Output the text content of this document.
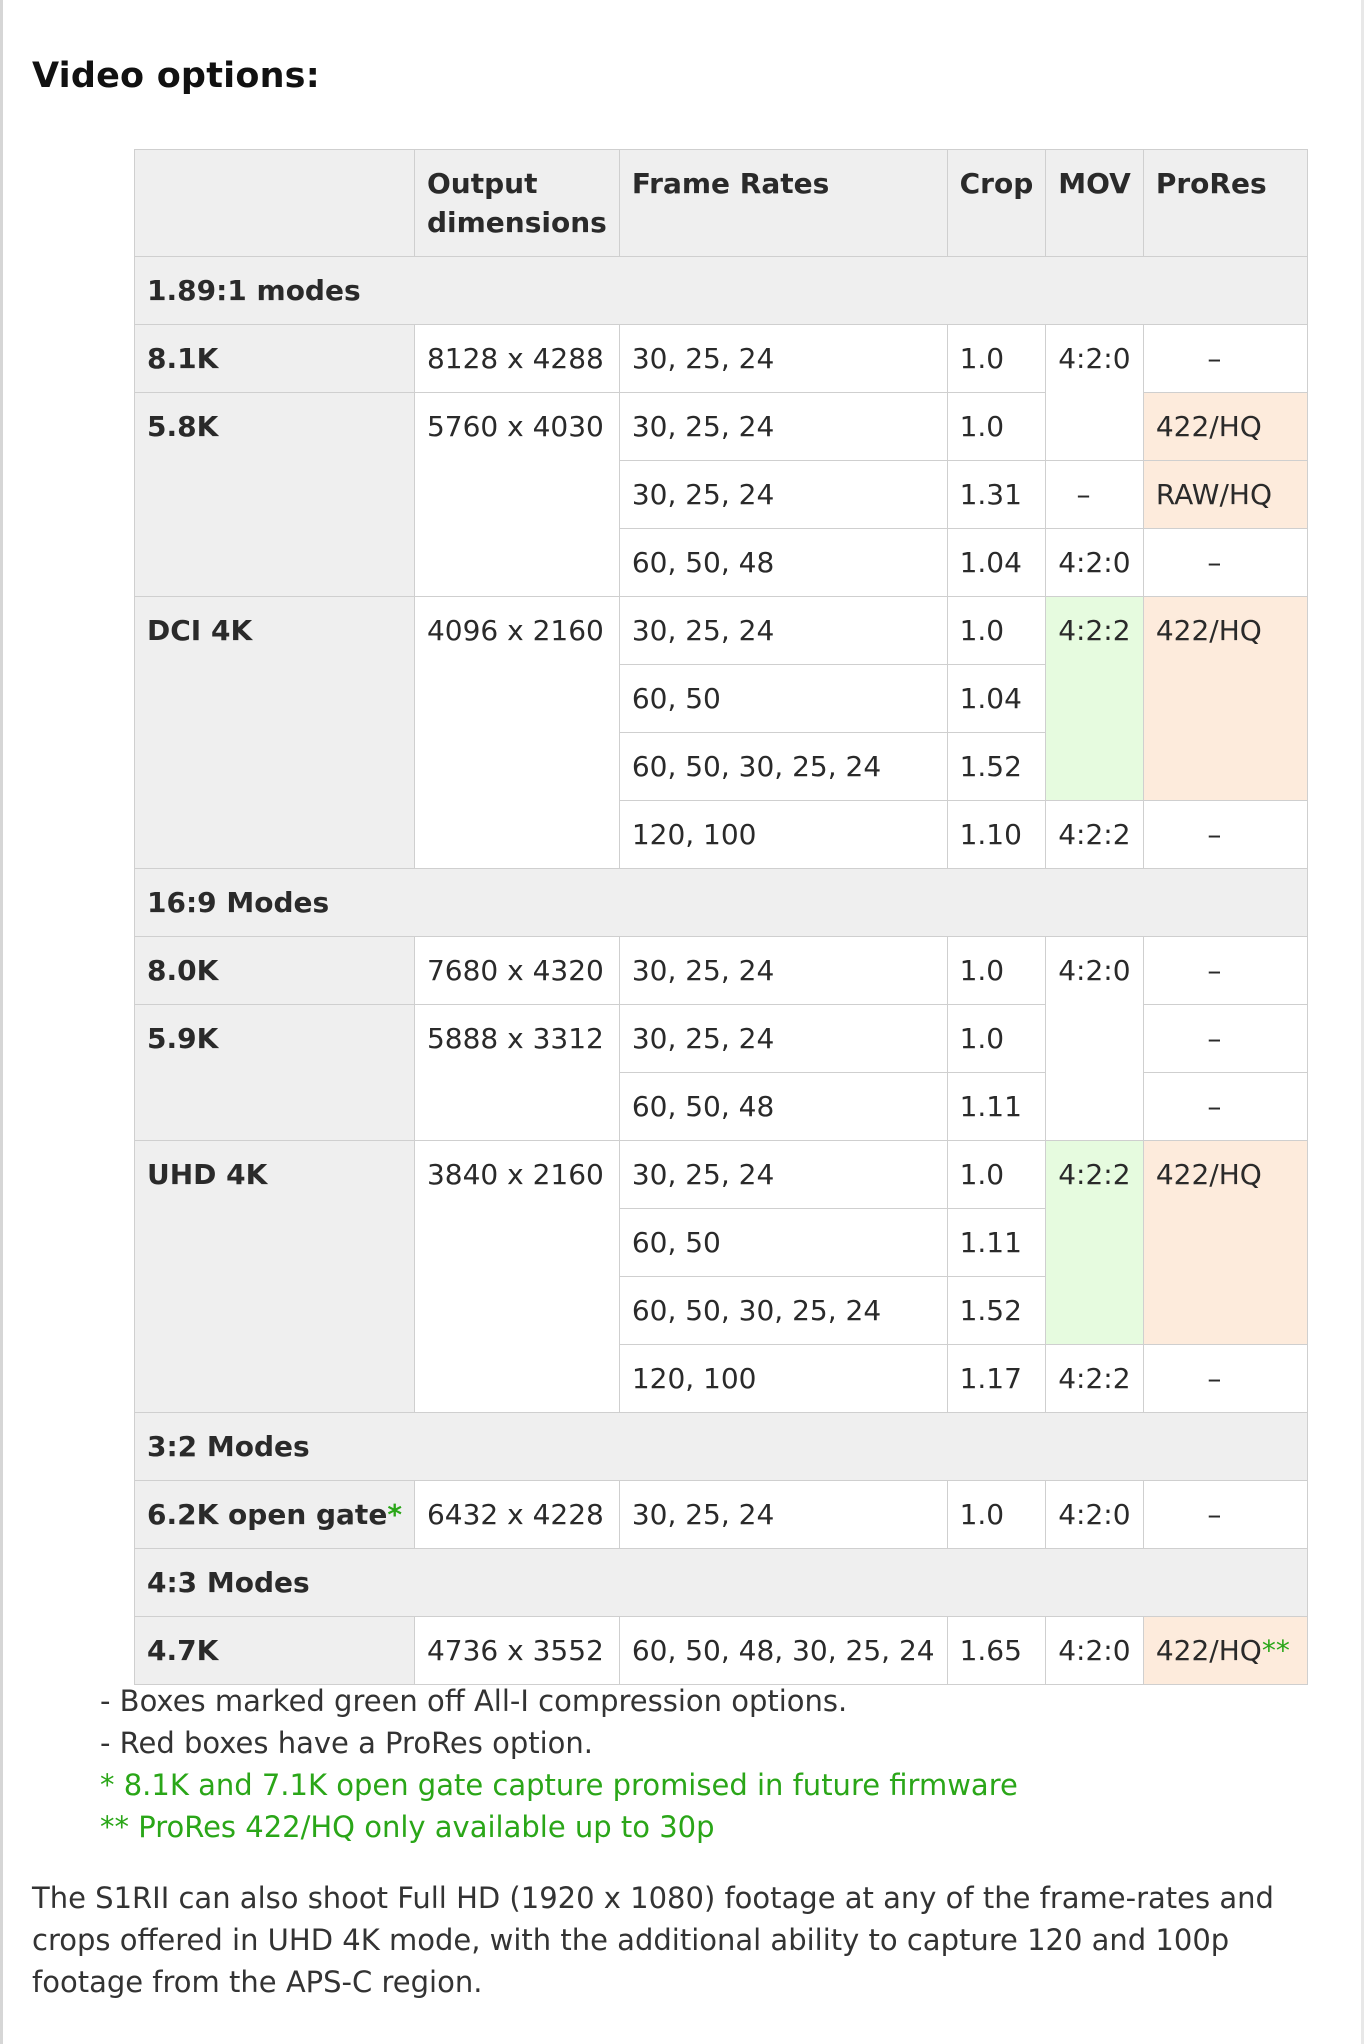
Video options:
	Output dimensions	Frame Rates	Crop	MOV	ProRes
1.89:1 modes					
8.1K	8128 x 4288	30, 25, 24	1.0	4:2:0	–
5.8K	5760 x 4030	30, 25, 24	1.0		422/HQ
		30, 25, 24	1.31	–	RAW/HQ
		60, 50, 48	1.04	4:2:0	–
DCI 4K	4096 x 2160	30, 25, 24	1.0	4:2:2	422/HQ
		60, 50	1.04		
		60, 50, 30, 25, 24	1.52		
		120, 100	1.10	4:2:2	–
16:9 Modes					
8.0K	7680 x 4320	30, 25, 24	1.0	4:2:0	–
5.9K	5888 x 3312	30, 25, 24	1.0		–
		60, 50, 48	1.11		–
UHD 4K	3840 x 2160	30, 25, 24	1.0	4:2:2	422/HQ
		60, 50	1.11		
		60, 50, 30, 25, 24	1.52		
		120, 100	1.17	4:2:2	–
3:2 Modes					
6.2K open gate*	6432 x 4228	30, 25, 24	1.0	4:2:0	–
4:3 Modes					
4.7K	4736 x 3552	60, 50, 48, 30, 25, 24	1.65	4:2:0	422/HQ**
- Boxes marked green off All-I compression options.
- Red boxes have a ProRes option.
* 8.1K and 7.1K open gate capture promised in future firmware
** ProRes 422/HQ only available up to 30p

The S1RII can also shoot Full HD (1920 x 1080) footage at any of the frame-rates and crops offered in UHD 4K mode, with the additional ability to capture 120 and 100p footage from the APS-C region.
